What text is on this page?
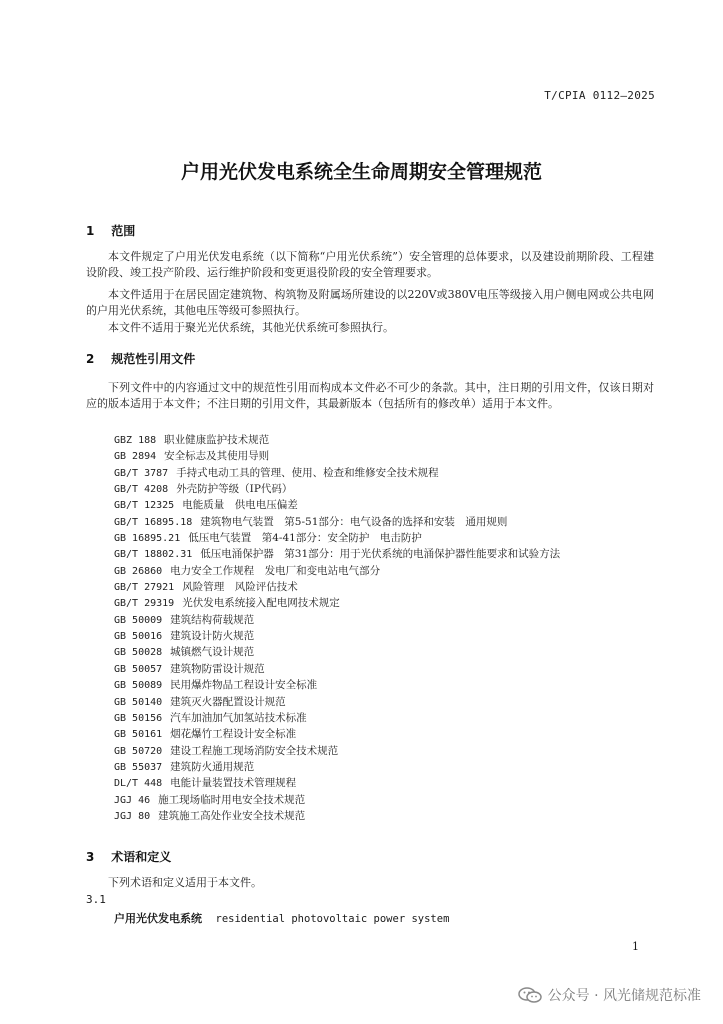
T/CPIA 0112—2025
户用光伏发电系统全生命周期安全管理规范
1 范围
本文件规定了户用光伏发电系统（以下简称“户用光伏系统”）安全管理的总体要求，以及建设前期阶段、工程建设阶段、竣工投产阶段、运行维护阶段和变更退役阶段的安全管理要求。
本文件适用于在居民固定建筑物、构筑物及附属场所建设的以220V或380V电压等级接入用户侧电网或公共电网的户用光伏系统，其他电压等级可参照执行。
本文件不适用于聚光光伏系统，其他光伏系统可参照执行。
2 规范性引用文件
下列文件中的内容通过文中的规范性引用而构成本文件必不可少的条款。其中，注日期的引用文件，仅该日期对应的版本适用于本文件；不注日期的引用文件，其最新版本（包括所有的修改单）适用于本文件。
GBZ 188 职业健康监护技术规范
GB 2894 安全标志及其使用导则
GB/T 3787 手持式电动工具的管理、使用、检查和维修安全技术规程
GB/T 4208 外壳防护等级（IP代码）
GB/T 12325 电能质量　供电电压偏差
GB/T 16895.18 建筑物电气装置　第5-51部分：电气设备的选择和安装　通用规则
GB 16895.21 低压电气装置　第4-41部分：安全防护　电击防护
GB/T 18802.31 低压电涌保护器　第31部分：用于光伏系统的电涌保护器性能要求和试验方法
GB 26860 电力安全工作规程　发电厂和变电站电气部分
GB/T 27921 风险管理　风险评估技术
GB/T 29319 光伏发电系统接入配电网技术规定
GB 50009 建筑结构荷载规范
GB 50016 建筑设计防火规范
GB 50028 城镇燃气设计规范
GB 50057 建筑物防雷设计规范
GB 50089 民用爆炸物品工程设计安全标准
GB 50140 建筑灭火器配置设计规范
GB 50156 汽车加油加气加氢站技术标准
GB 50161 烟花爆竹工程设计安全标准
GB 50720 建设工程施工现场消防安全技术规范
GB 55037 建筑防火通用规范
DL/T 448 电能计量装置技术管理规程
JGJ 46 施工现场临时用电安全技术规范
JGJ 80 建筑施工高处作业安全技术规范
3 术语和定义
下列术语和定义适用于本文件。
3.1
户用光伏发电系统 residential photovoltaic power system
1
公众号 · 风光储规范标准
